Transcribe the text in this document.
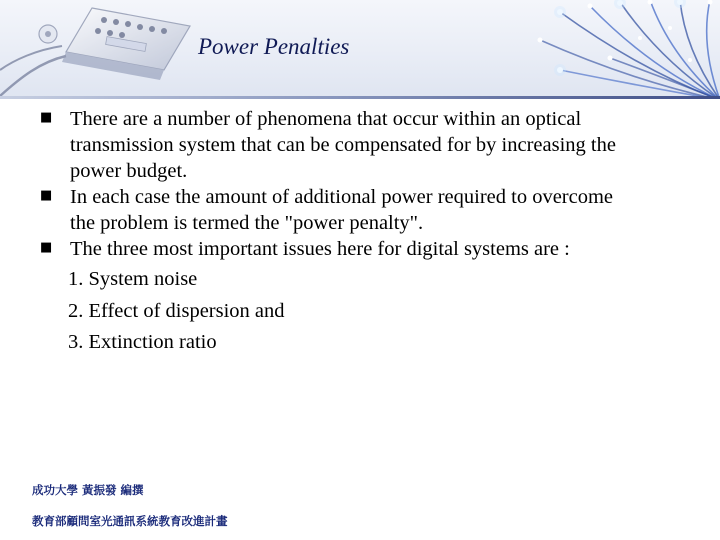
Power Penalties
■ There are a number of phenomena that occur within an optical transmission system that can be compensated for by increasing the power budget.
■ In each case the amount of additional power required to overcome the problem is termed the "power penalty".
■ The three most important issues here for digital systems are :
1. System noise
2. Effect of dispersion and
3. Extinction ratio
成功大學 黃振發 編撰
教育部顧問室光通訊系統教育改進計畫
